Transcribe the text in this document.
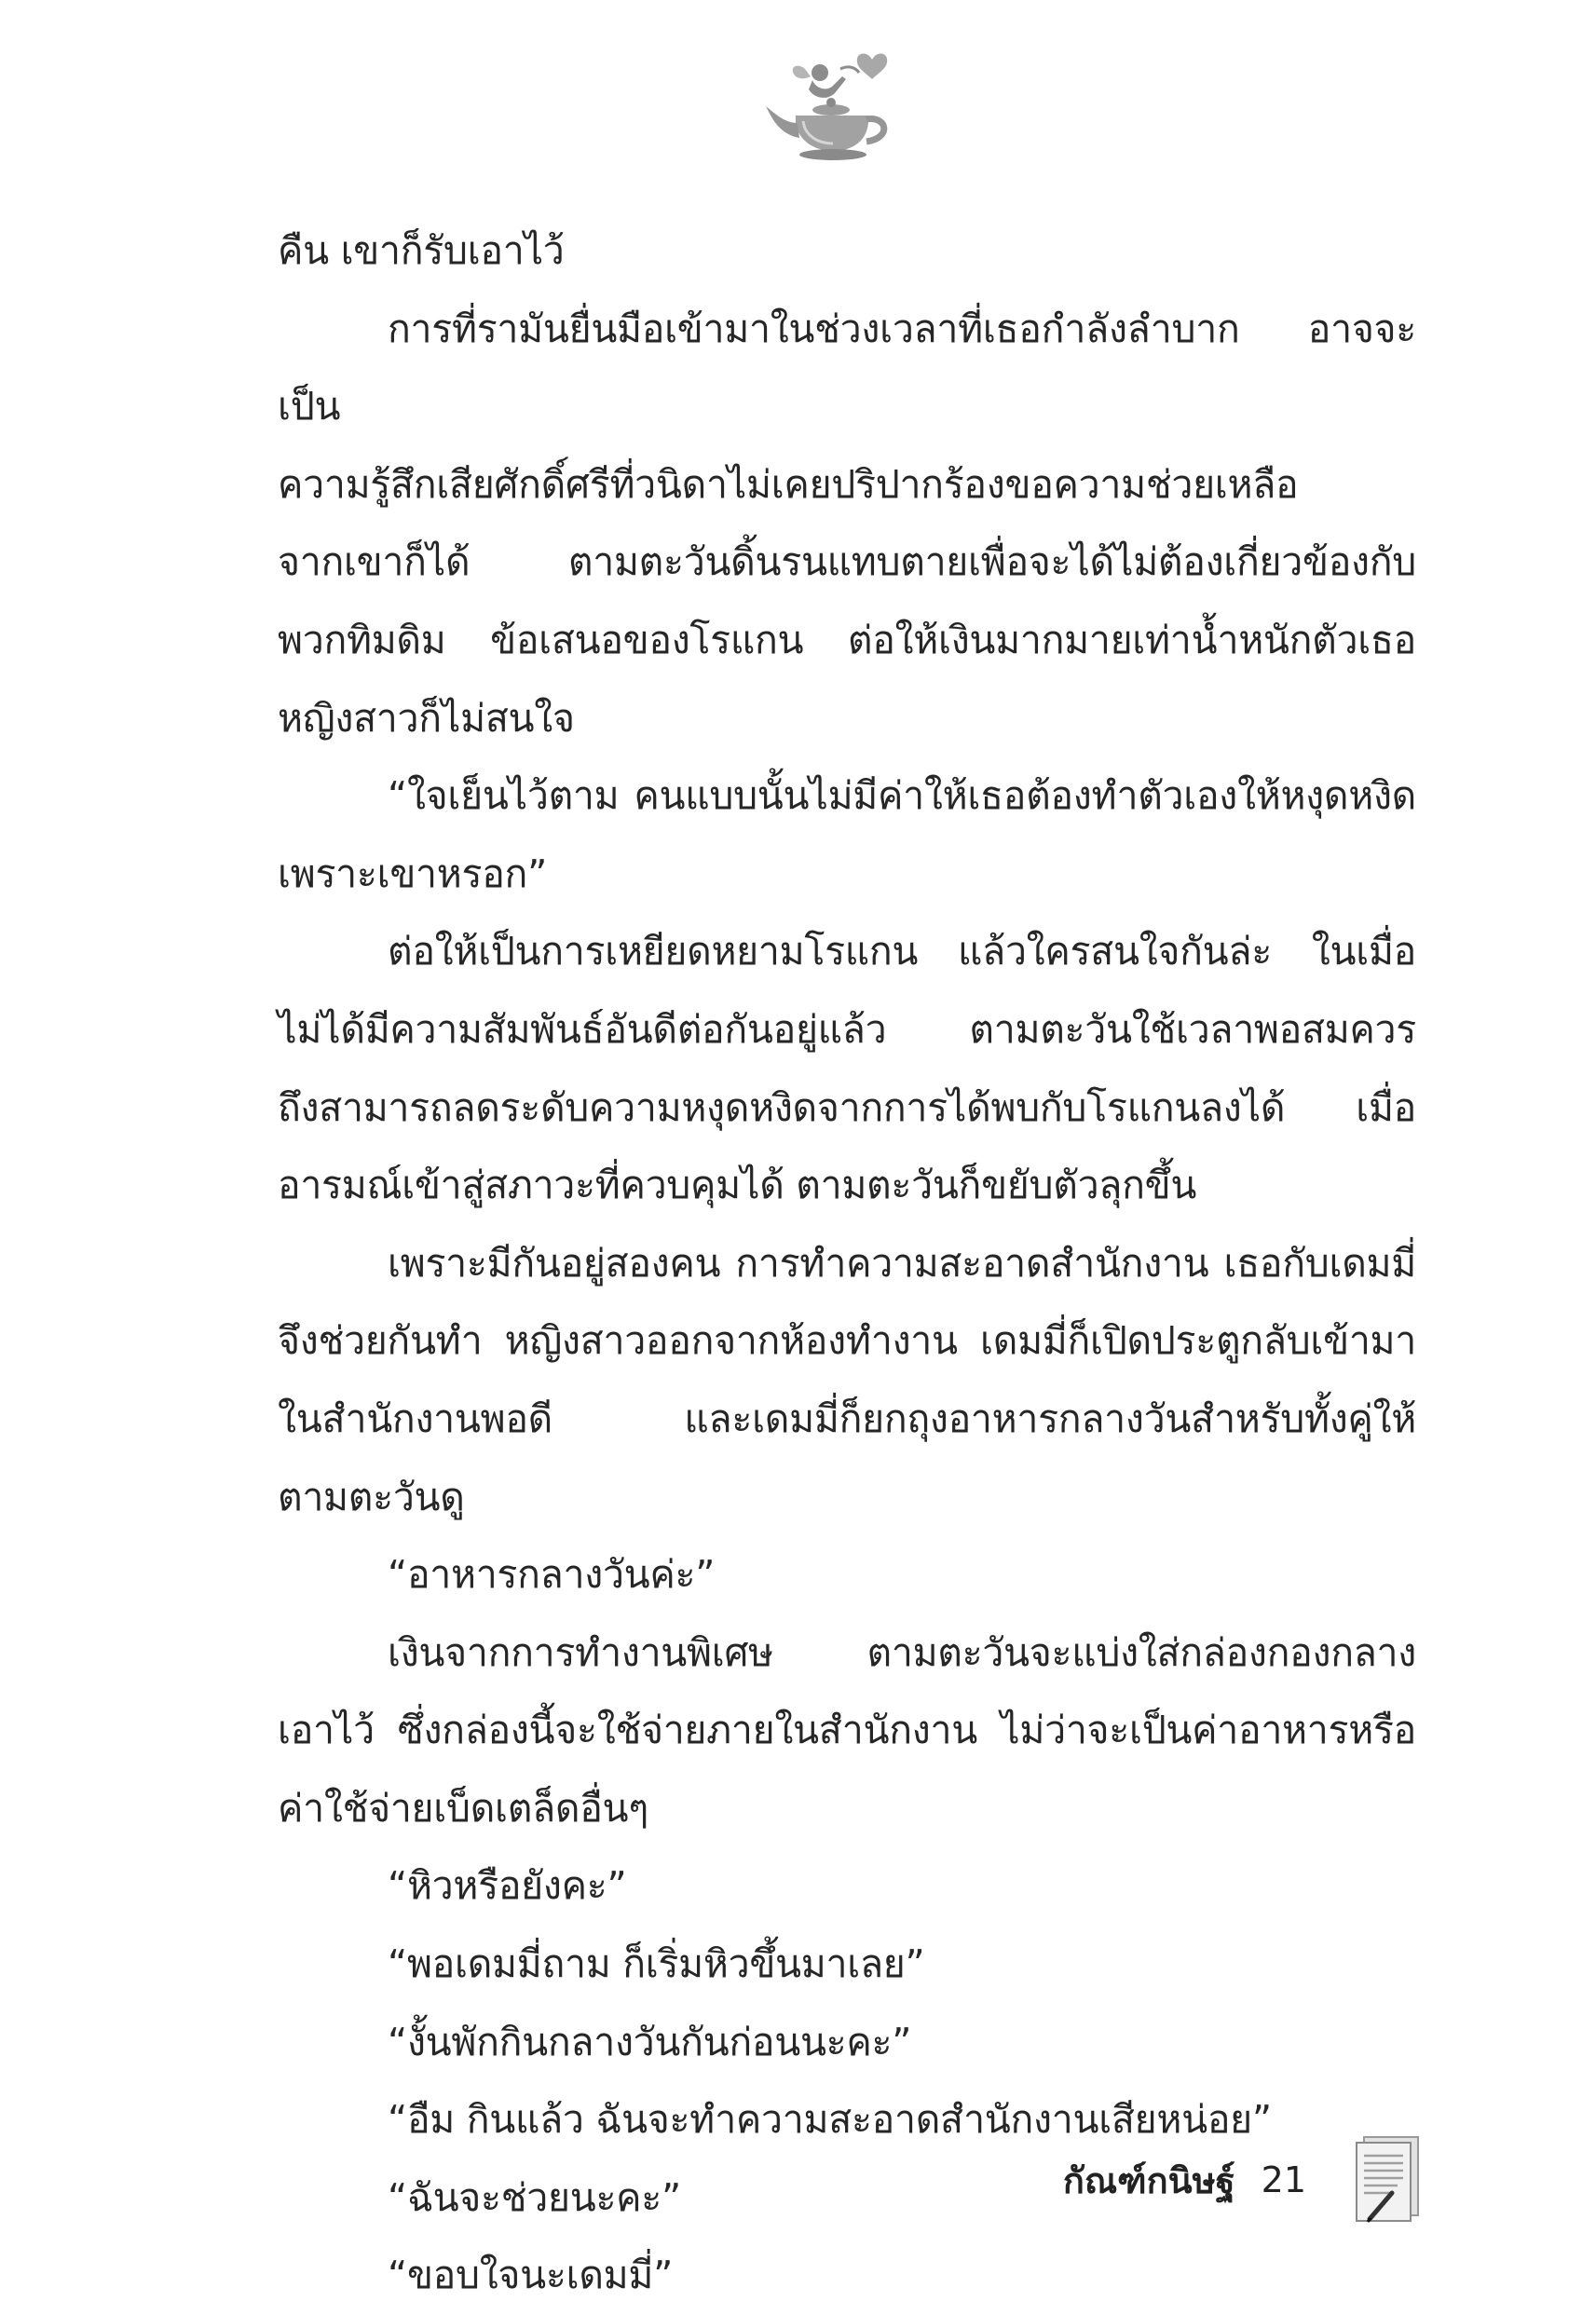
คืน เขาก็รับเอาไว้

การที่รามันยื่นมือเข้ามาในช่วงเวลาที่เธอกำลังลำบาก อาจจะเป็น

ความรู้สึกเสียศักดิ์ศรีที่วนิดาไม่เคยปริปากร้องขอความช่วยเหลือ

จากเขาก็ได้ ตามตะวันดิ้นรนแทบตายเพื่อจะได้ไม่ต้องเกี่ยวข้องกับ

พวกทิมดิม ข้อเสนอของโรแกน ต่อให้เงินมากมายเท่าน้ำหนักตัวเธอ

หญิงสาวก็ไม่สนใจ

“ใจเย็นไว้ตาม คนแบบนั้นไม่มีค่าให้เธอต้องทำตัวเองให้หงุดหงิด

เพราะเขาหรอก”

ต่อให้เป็นการเหยียดหยามโรแกน แล้วใครสนใจกันล่ะ ในเมื่อ

ไม่ได้มีความสัมพันธ์อันดีต่อกันอยู่แล้ว ตามตะวันใช้เวลาพอสมควร

ถึงสามารถลดระดับความหงุดหงิดจากการได้พบกับโรแกนลงได้ เมื่อ

อารมณ์เข้าสู่สภาวะที่ควบคุมได้ ตามตะวันก็ขยับตัวลุกขึ้น

เพราะมีกันอยู่สองคน การทำความสะอาดสำนักงาน เธอกับเดมมี่

จึงช่วยกันทำ หญิงสาวออกจากห้องทำงาน เดมมี่ก็เปิดประตูกลับเข้ามา

ในสำนักงานพอดี และเดมมี่ก็ยกถุงอาหารกลางวันสำหรับทั้งคู่ให้

ตามตะวันดู

“อาหารกลางวันค่ะ”

เงินจากการทำงานพิเศษ ตามตะวันจะแบ่งใส่กล่องกองกลาง

เอาไว้ ซึ่งกล่องนี้จะใช้จ่ายภายในสำนักงาน ไม่ว่าจะเป็นค่าอาหารหรือ

ค่าใช้จ่ายเบ็ดเตล็ดอื่นๆ

“หิวหรือยังคะ”

“พอเดมมี่ถาม ก็เริ่มหิวขึ้นมาเลย”

“งั้นพักกินกลางวันกันก่อนนะคะ”

“อืม กินแล้ว ฉันจะทำความสะอาดสำนักงานเสียหน่อย”

“ฉันจะช่วยนะคะ”

“ขอบใจนะเดมมี่”

กัณฑ์กนิษฐ์ 21
